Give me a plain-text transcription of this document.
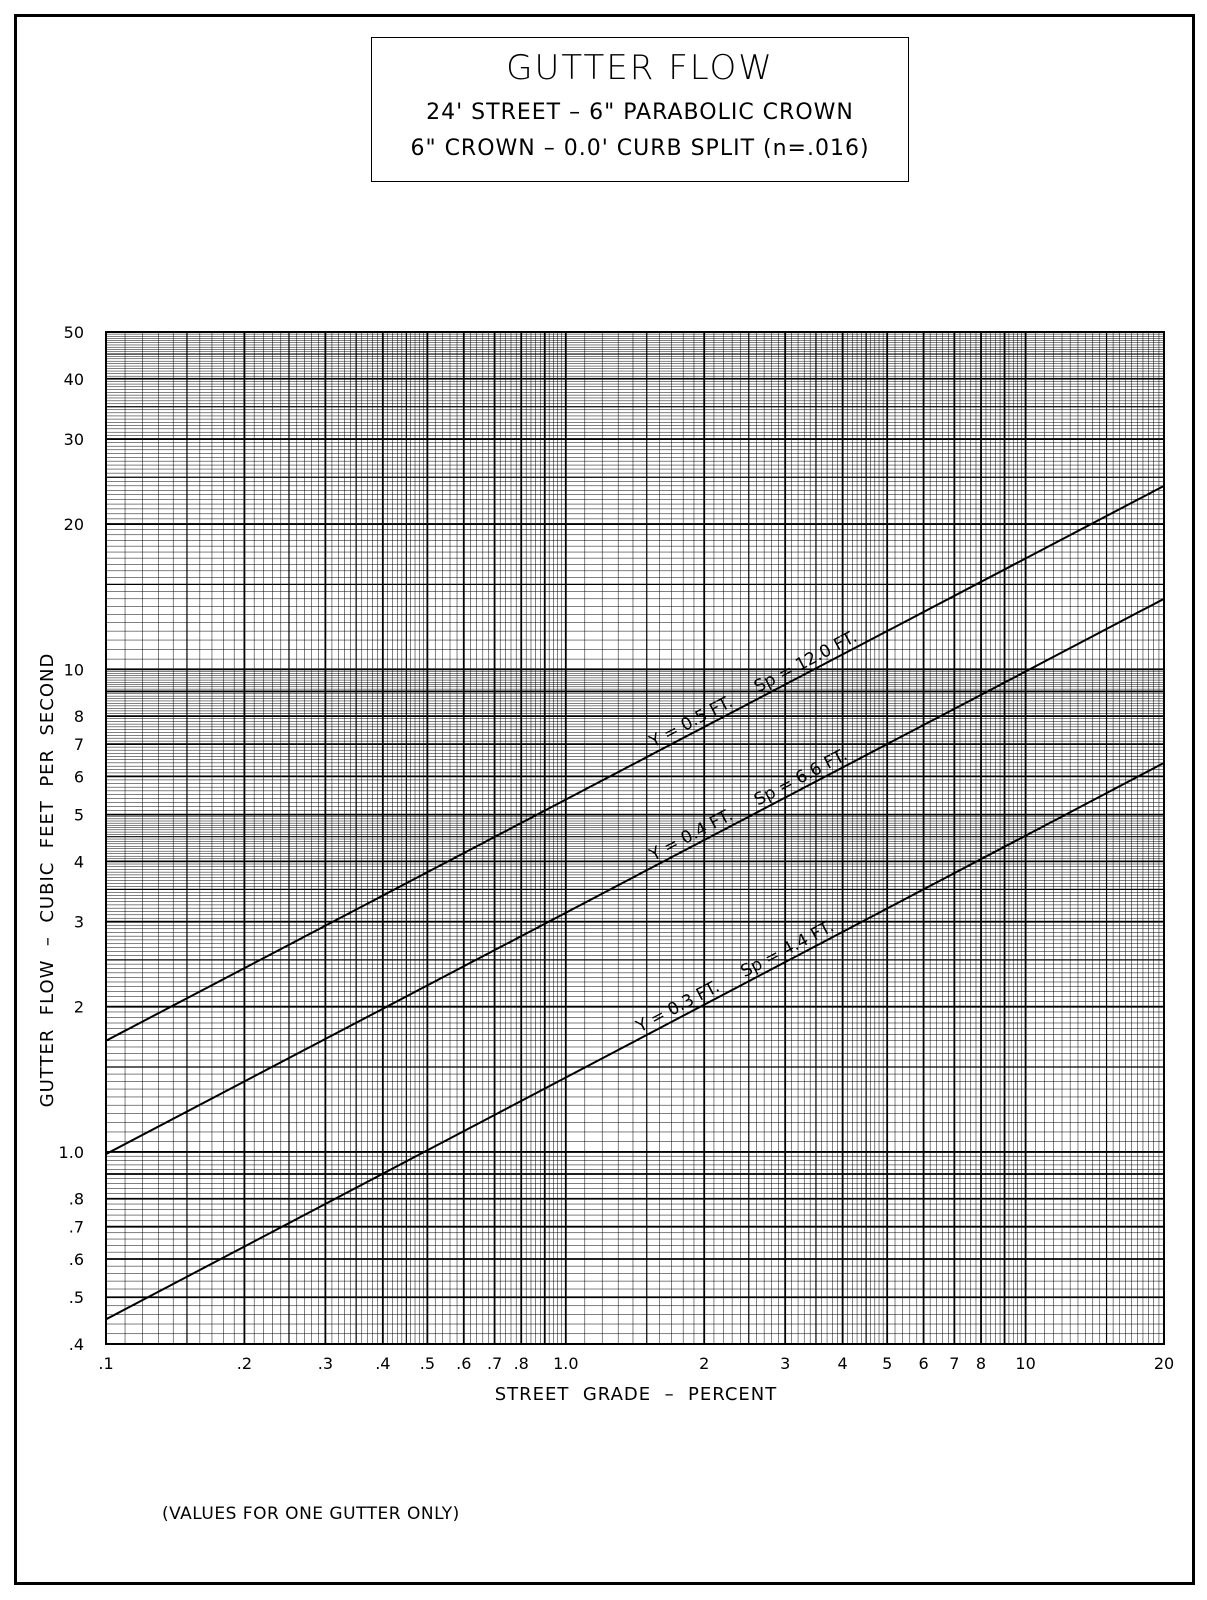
GUTTER FLOW
24' STREET – 6" PARABOLIC CROWN
6" CROWN – 0.0' CURB SPLIT (n=.016)
Y = 0.5 FT.     Sp = 12.0 FT.
Y = 0.4 FT.     Sp = 6.6 FT.
Y = 0.3 FT.     Sp = 4.4 FT.
.1	.2	.3	.4 .5 .6 .7 .8 1.0	2	3	4 5 6 7 8 10	20
.4
.5
.6
.7
.8
1.0
2
3
4
5
6
7
8
10
20
30
40
50
STREET  GRADE  –  PERCENT
GUTTER  FLOW  –  CUBIC  FEET  PER  SECOND
(VALUES FOR ONE GUTTER ONLY)
